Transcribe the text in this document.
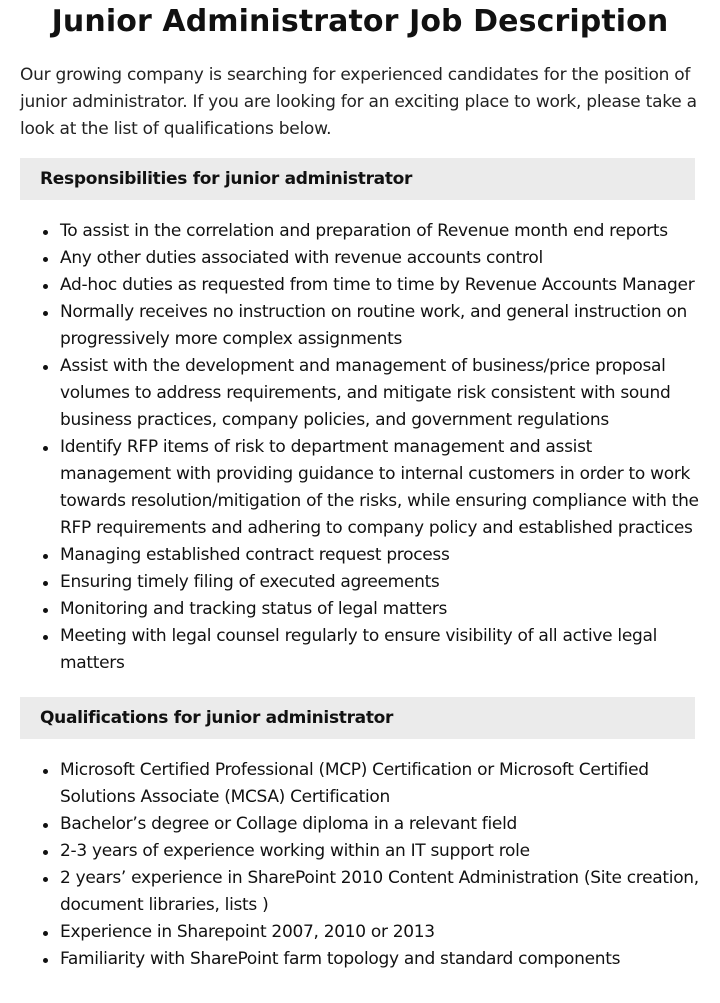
Junior Administrator Job Description

Our growing company is searching for experienced candidates for the position of junior administrator. If you are looking for an exciting place to work, please take a look at the list of qualifications below.

Responsibilities for junior administrator
To assist in the correlation and preparation of Revenue month end reports
Any other duties associated with revenue accounts control
Ad-hoc duties as requested from time to time by Revenue Accounts Manager
Normally receives no instruction on routine work, and general instruction on progressively more complex assignments
Assist with the development and management of business/price proposal volumes to address requirements, and mitigate risk consistent with sound business practices, company policies, and government regulations
Identify RFP items of risk to department management and assist management with providing guidance to internal customers in order to work towards resolution/mitigation of the risks, while ensuring compliance with the RFP requirements and adhering to company policy and established practices
Managing established contract request process
Ensuring timely filing of executed agreements
Monitoring and tracking status of legal matters
Meeting with legal counsel regularly to ensure visibility of all active legal matters
Qualifications for junior administrator
Microsoft Certified Professional (MCP) Certification or Microsoft Certified Solutions Associate (MCSA) Certification
Bachelor’s degree or Collage diploma in a relevant field
2-3 years of experience working within an IT support role
2 years’ experience in SharePoint 2010 Content Administration (Site creation, document libraries, lists )
Experience in Sharepoint 2007, 2010 or 2013
Familiarity with SharePoint farm topology and standard components
